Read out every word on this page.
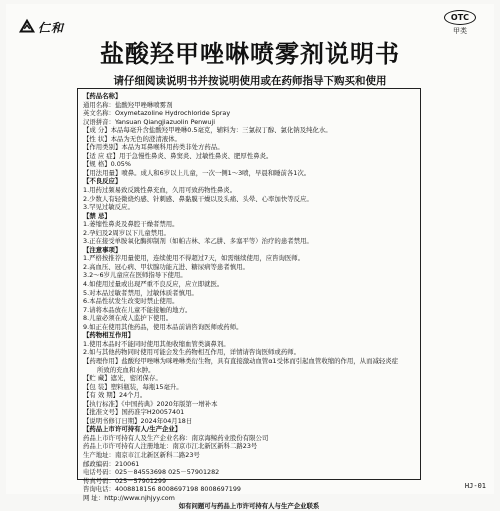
仁和
OTC
甲类
盐酸羟甲唑啉喷雾剂说明书
请仔细阅读说明书并按说明使用或在药师指导下购买和使用

【药品名称】

通用名称：盐酸羟甲唑啉喷雾剂

英文名称：Oxymetazoline Hydrochloride Spray

汉语拼音：Yansuan Qiangjiazuolin Penwuji

【成 分】本品每毫升含盐酸羟甲唑啉0.5毫克，辅料为：三氯叔丁醇、氯化钠及纯化水。

【性 状】本品为无色的澄清液体。

【作用类别】本品为耳鼻喉科用药类非处方药品。

【适 应 症】用于急慢性鼻炎、鼻窦炎、过敏性鼻炎、肥厚性鼻炎。

【规 格】0.05%

【用法用量】喷鼻。成人和6岁以上儿童，一次一侧1～3喷，早晨和睡前各1次。

【不良反应】

1.用药过频易致反跳性鼻充血，久用可致药物性鼻炎。

2.少数人有轻微烧灼感、针刺感、鼻黏膜干燥以及头痛、头晕、心率加快等反应。

3.罕见过敏反应。

【禁 忌】

1.萎缩性鼻炎及鼻腔干燥者禁用。

2.孕妇及2周岁以下儿童禁用。

3.正在接受单胺氧化酶抑制剂（如帕吉林、苯乙肼、多塞平等）治疗的患者禁用。

【注意事项】

1.严格按推荐用量使用，连续使用不得超过7天，如需继续使用，应咨询医师。

2.高血压、冠心病、甲状腺功能亢进、糖尿病等患者慎用。

3.2～6岁儿童应在医师指导下使用。

4.如使用过量或出现严重不良反应，应立即就医。

5.对本品过敏者禁用，过敏体质者慎用。

6.本品性状发生改变时禁止使用。

7.请将本品放在儿童不能接触的地方。

8.儿童必须在成人监护下使用。

9.如正在使用其他药品，使用本品前请咨询医师或药师。

【药物相互作用】

1.使用本品时不能同时使用其他收缩血管类滴鼻剂。

2.如与其他药物同时使用可能会发生药物相互作用，详情请咨询医师或药师。

【药理作用】盐酸羟甲唑啉为咪唑啉类衍生物，具有直接激动血管α1受体而引起血管收缩的作用，从而减轻炎症

所致的充血和水肿。

【贮 藏】遮光，密闭保存。

【包 装】塑料瓶装，每瓶15毫升。

【有 效 期】24个月。

【执行标准】《中国药典》2020年版第一增补本

【批准文号】国药准字H20057401

【说明书修订日期】2024年04月18日

【药品上市许可持有人/生产企业】

药品上市许可持有人及生产企业名称：南京海鲸药业股份有限公司

药品上市许可持有人注册地址：南京市江北新区新科二路23号

生产地址：南京市江北新区新科二路23号

邮政编码：210061

电话号码：025－84553698 025－57901282

传真号码：025－57901299

咨询电话：4008818156 8008697198 8008697199

网 址：http://www.njhjyy.com

如有问题可与药品上市许可持有人与生产企业联系

HJ-01
